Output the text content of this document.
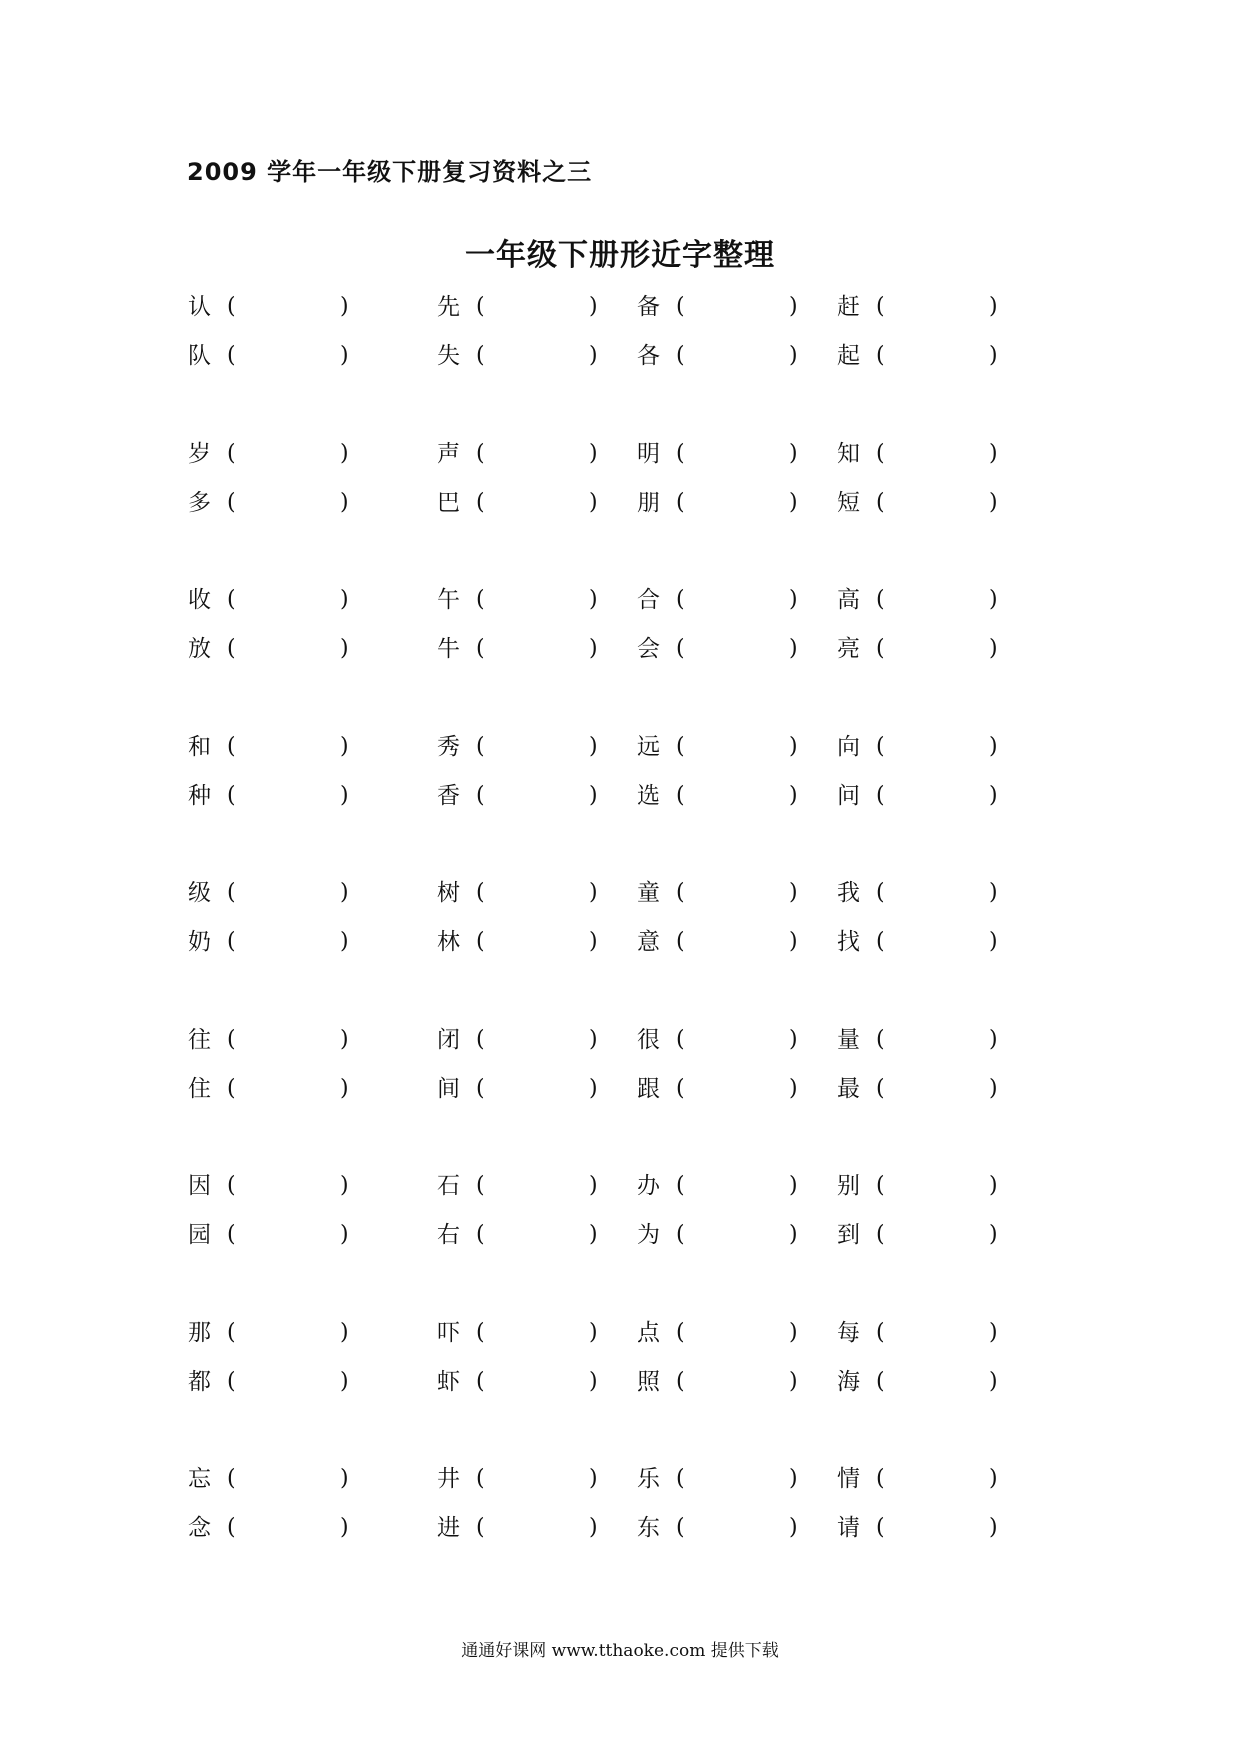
2009 学年一年级下册复习资料之三
一年级下册形近字整理
认 (	)	先 (	) 备 (	) 赶 (	)
队 (	)	失 (	) 各 (	) 起 (	)
岁 (	)	声 (	) 明 (	) 知 (	)
多 (	)	巴 (	) 朋 (	) 短 (	)
收 (	)	午 (	) 合 (	) 高 (	)
放 (	)	牛 (	) 会 (	) 亮 (	)
和 (	)	秀 (	) 远 (	) 向 (	)
种 (	)	香 (	) 选 (	) 问 (	)
级 (	)	树 (	) 童 (	) 我 (	)
奶 (	)	林 (	) 意 (	) 找 (	)
往 (	)	闭 (	) 很 (	) 量 (	)
住 (	)	间 (	) 跟 (	) 最 (	)
因 (	)	石 (	) 办 (	) 别 (	)
园 (	)	右 (	) 为 (	) 到 (	)
那 (	)	吓 (	) 点 (	) 每 (	)
都 (	)	虾 (	) 照 (	) 海 (	)
忘 (	)	井 (	) 乐 (	) 情 (	)
念 (	)	进 (	) 东 (	) 请 (	)
通通好课网 www.tthaoke.com 提供下载
